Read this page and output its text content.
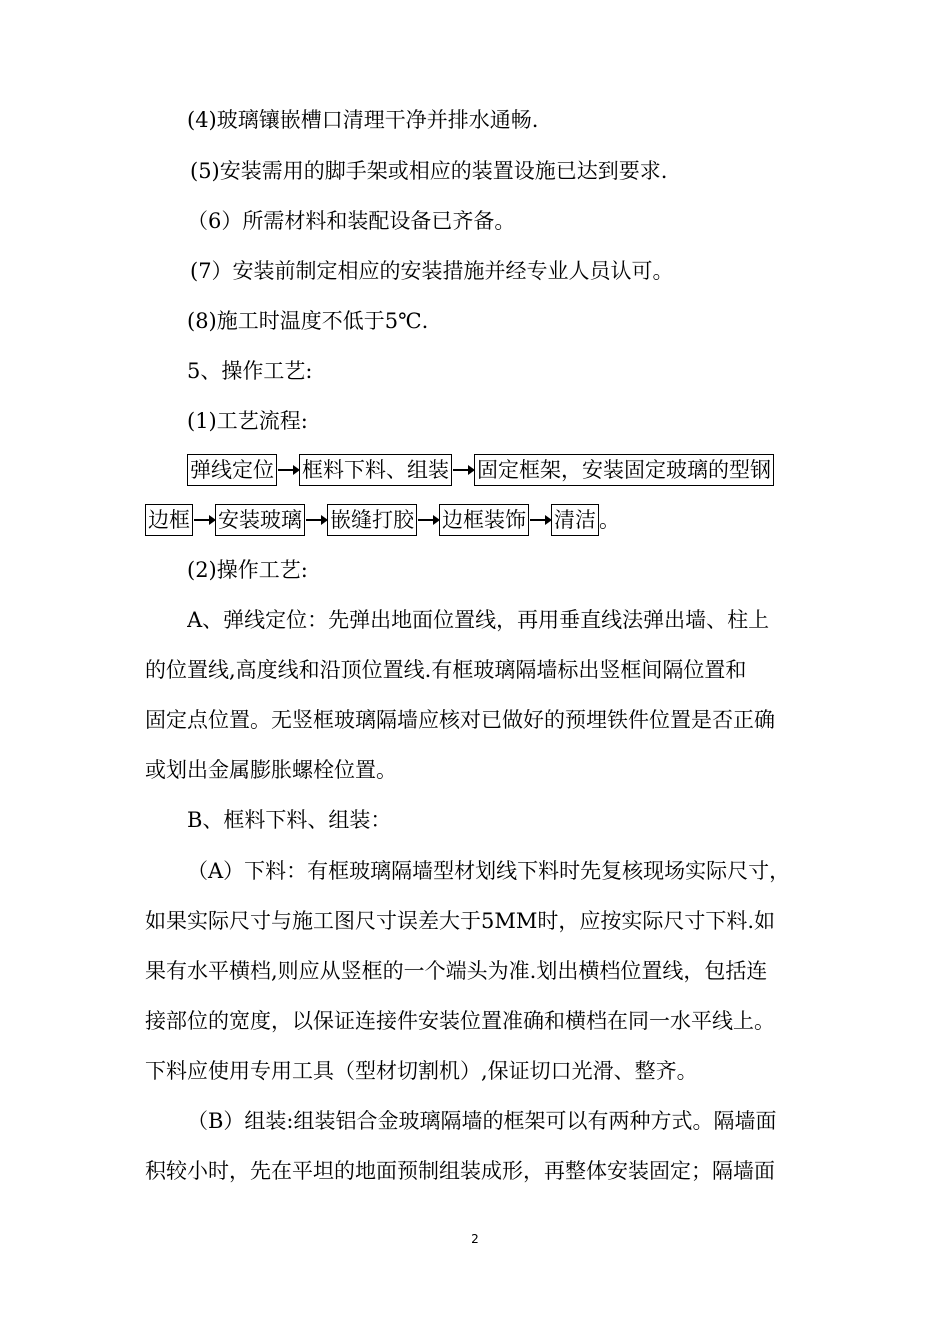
(4)玻璃镶嵌槽口清理干净并排水通畅.
(5)安装需用的脚手架或相应的装置设施已达到要求.
（6）所需材料和装配设备已齐备。
(7）安装前制定相应的安装措施并经专业人员认可。
(8)施工时温度不低于5℃.
5、操作工艺:
(1)工艺流程:
弹线定位 框料下料、组装 固定框架，安装固定玻璃的型钢
边框 安装玻璃 嵌缝打胶 边框装饰 清洁 。
(2)操作工艺:
A、弹线定位：先弹出地面位置线，再用垂直线法弹出墙、柱上
的位置线,高度线和沿顶位置线.有框玻璃隔墙标出竖框间隔位置和
固定点位置。无竖框玻璃隔墙应核对已做好的预埋铁件位置是否正确
或划出金属膨胀螺栓位置。
B、框料下料、组装：
（A）下料：有框玻璃隔墙型材划线下料时先复核现场实际尺寸，
如果实际尺寸与施工图尺寸误差大于5MM时，应按实际尺寸下料.如
果有水平横档,则应从竖框的一个端头为准.划出横档位置线，包括连
接部位的宽度，以保证连接件安装位置准确和横档在同一水平线上。
下料应使用专用工具（型材切割机）,保证切口光滑、整齐。
（B）组装:组装铝合金玻璃隔墙的框架可以有两种方式。隔墙面
积较小时，先在平坦的地面预制组装成形，再整体安装固定；隔墙面
2
